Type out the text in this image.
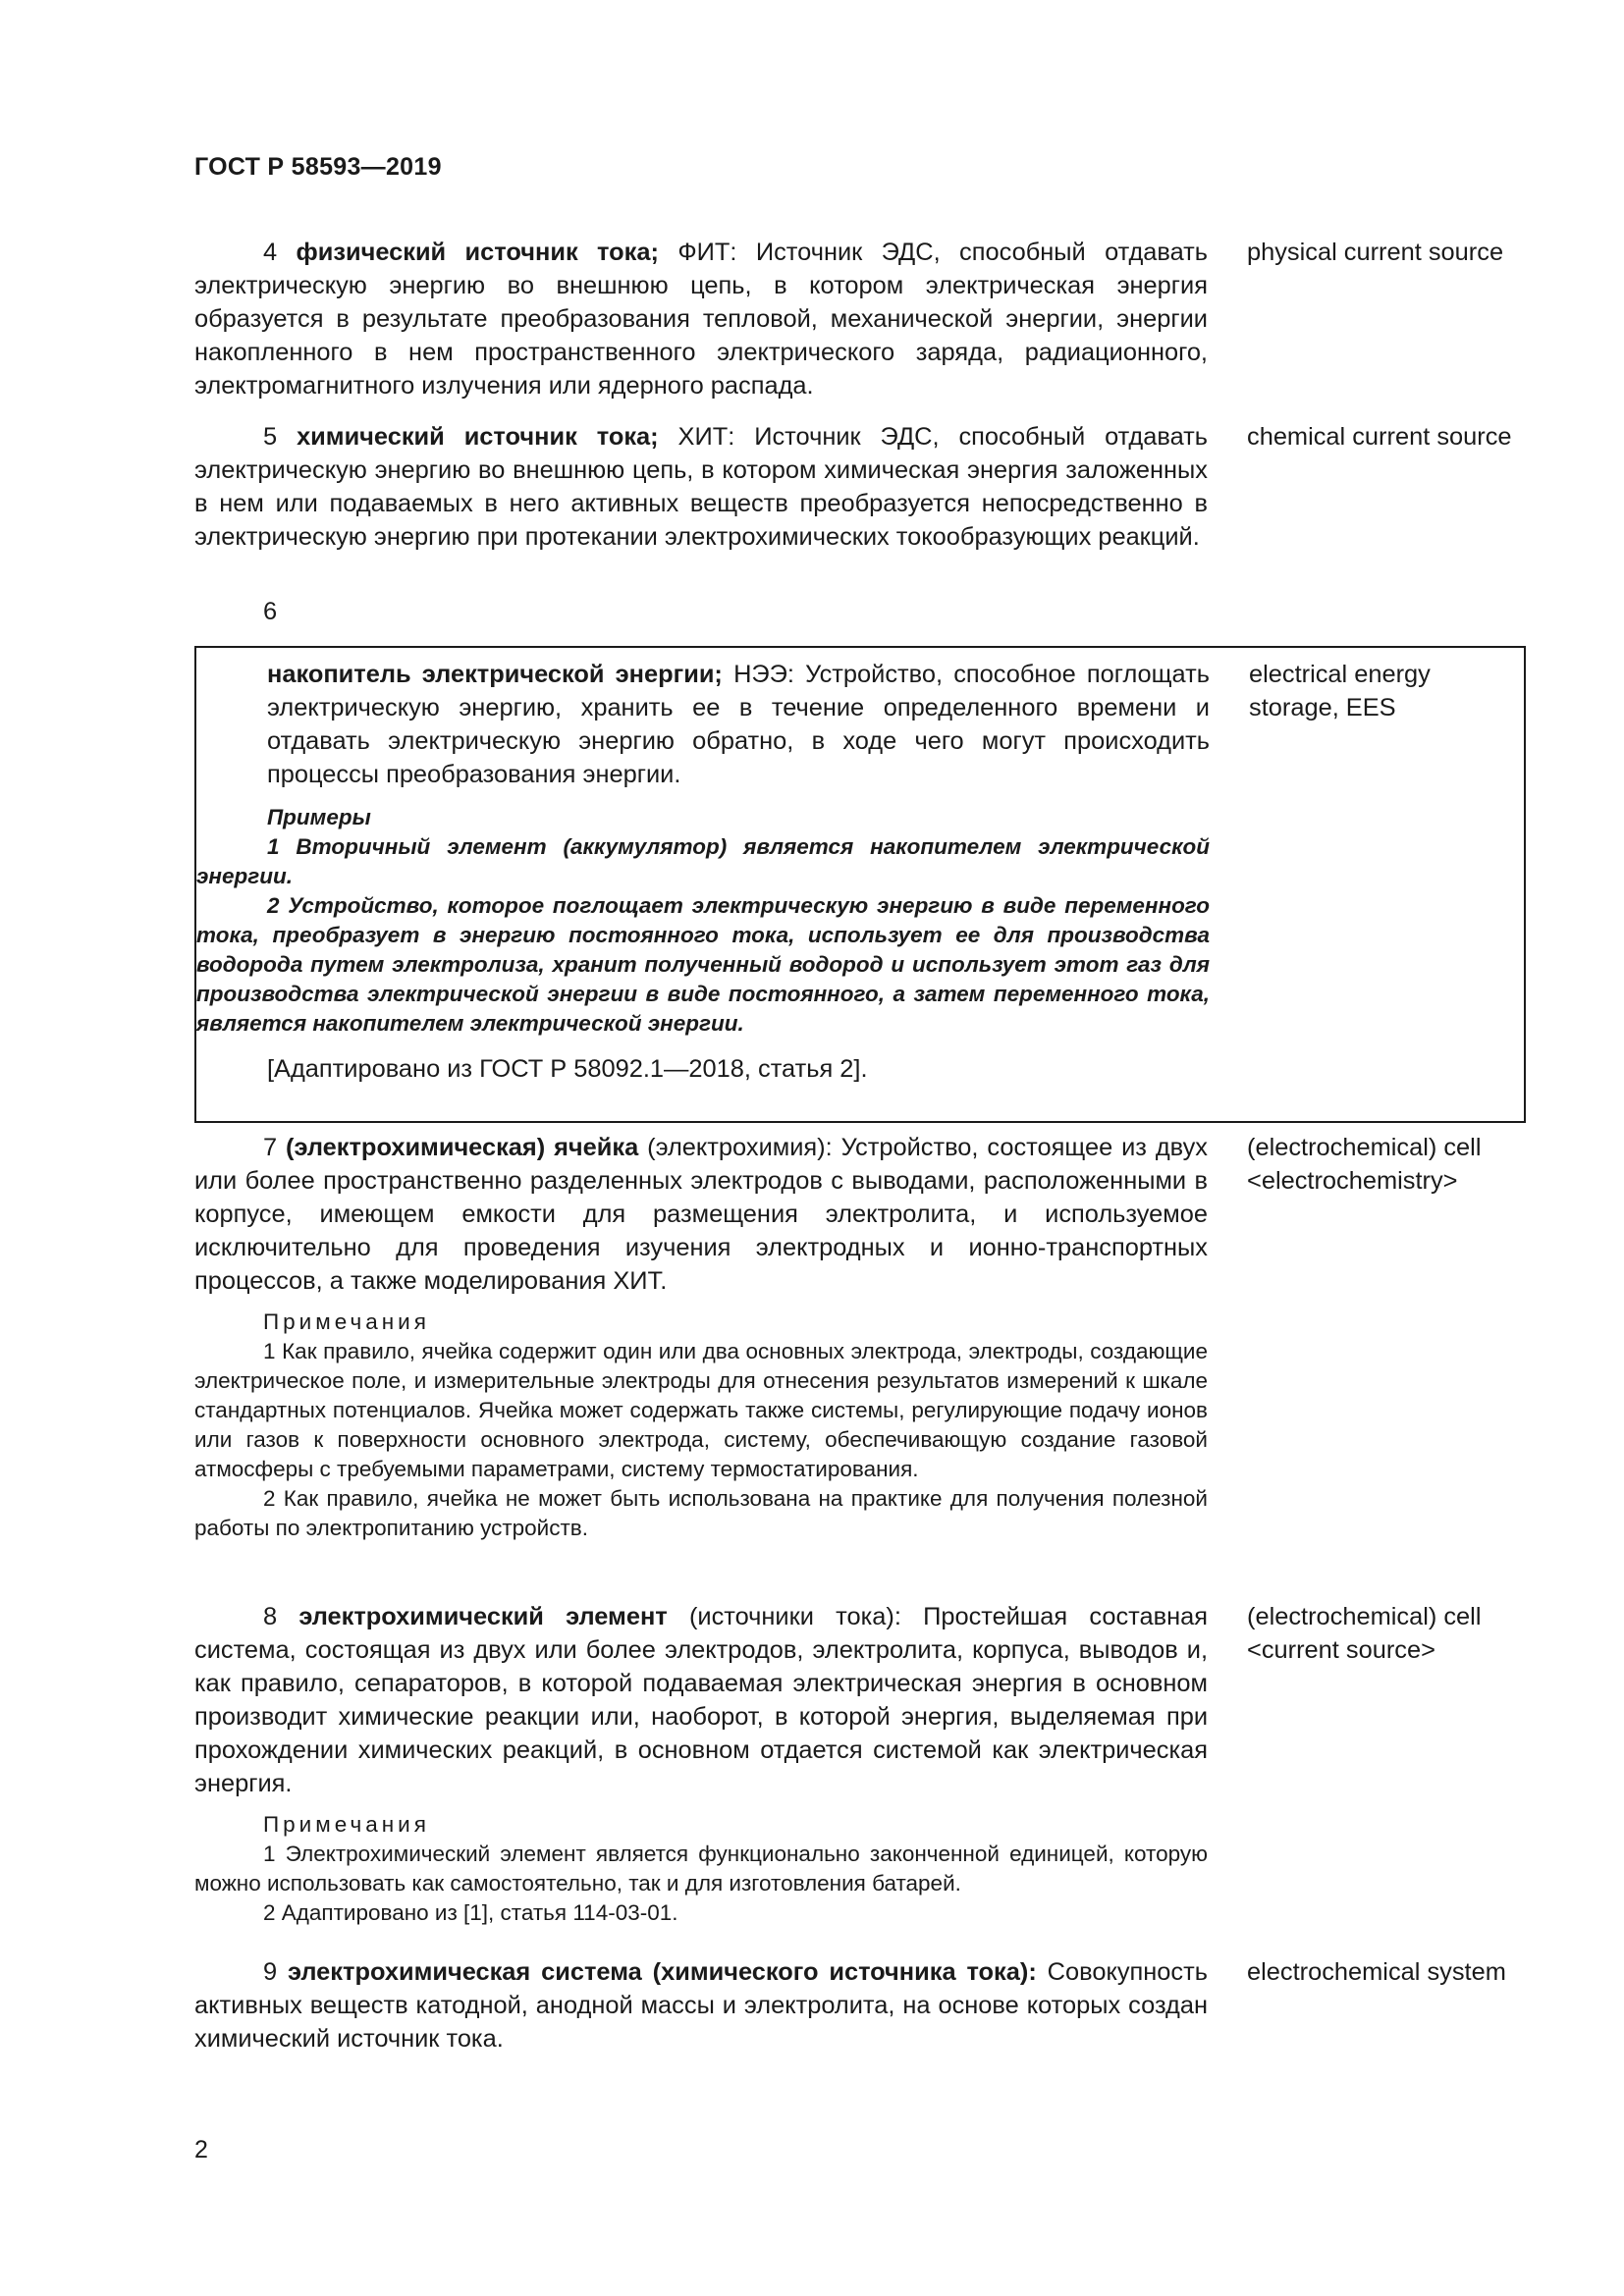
ГОСТ Р 58593—2019
4 физический источник тока; ФИТ: Источник ЭДС, способный отдавать электрическую энергию во внешнюю цепь, в котором электрическая энергия образуется в результате преобразования тепловой, механической энергии, энергии накопленного в нем пространственного электрического заряда, радиационного, электромагнитного излучения или ядерного распада.
physical current source
5 химический источник тока; ХИТ: Источник ЭДС, способный отдавать электрическую энергию во внешнюю цепь, в котором химическая энергия заложенных в нем или подаваемых в него активных веществ преобразуется непосредственно в электрическую энергию при протекании электрохимических токообразующих реакций.
chemical current source
6
накопитель электрической энергии; НЭЭ: Устройство, способное поглощать электрическую энергию, хранить ее в течение определенного времени и отдавать электрическую энергию обратно, в ходе чего могут происходить процессы преобразования энергии.
Примеры
1 Вторичный элемент (аккумулятор) является накопителем электрической энергии.
2 Устройство, которое поглощает электрическую энергию в виде переменного тока, преобразует в энергию постоянного тока, использует ее для производства водорода путем электролиза, хранит полученный водород и использует этот газ для производства электрической энергии в виде постоянного, а затем переменного тока, является накопителем электрической энергии.
[Адаптировано из ГОСТ Р 58092.1—2018, статья 2].
electrical energy storage, EES
7 (электрохимическая) ячейка (электрохимия): Устройство, состоящее из двух или более пространственно разделенных электродов с выводами, расположенными в корпусе, имеющем емкости для размещения электролита, и используемое исключительно для проведения изучения электродных и ионно-транспортных процессов, а также моделирования ХИТ.
(electrochemical) cell <electrochemistry>
Примечания
1 Как правило, ячейка содержит один или два основных электрода, электроды, создающие электрическое поле, и измерительные электроды для отнесения результатов измерений к шкале стандартных потенциалов. Ячейка может содержать также системы, регулирующие подачу ионов или газов к поверхности основного электрода, систему, обеспечивающую создание газовой атмосферы с требуемыми параметрами, систему термостатирования.
2 Как правило, ячейка не может быть использована на практике для получения полезной работы по электропитанию устройств.
8 электрохимический элемент (источники тока): Простейшая составная система, состоящая из двух или более электродов, электролита, корпуса, выводов и, как правило, сепараторов, в которой подаваемая электрическая энергия в основном производит химические реакции или, наоборот, в которой энергия, выделяемая при прохождении химических реакций, в основном отдается системой как электрическая энергия.
(electrochemical) cell <current source>
Примечания
1 Электрохимический элемент является функционально законченной единицей, которую можно использовать как самостоятельно, так и для изготовления батарей.
2 Адаптировано из [1], статья 114-03-01.
9 электрохимическая система (химического источника тока): Совокупность активных веществ катодной, анодной массы и электролита, на основе которых создан химический источник тока.
electrochemical system
2
